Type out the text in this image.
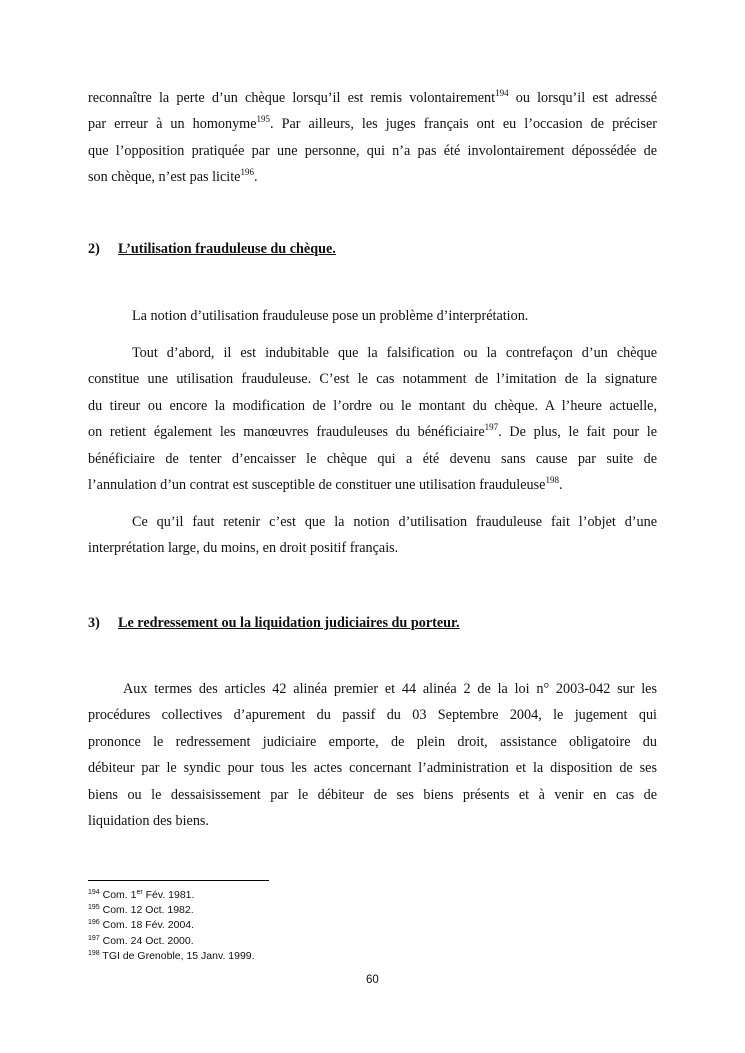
reconnaître la perte d’un chèque lorsqu’il est remis volontairement$^{194}$ ou lorsqu’il est adressé
par erreur à un homonyme$^{195}$. Par ailleurs, les juges français ont eu l’occasion de préciser
que l’opposition pratiquée par une personne, qui n’a pas été involontairement dépossédée de
son chèque, n’est pas licite$^{196}$.
2) L’utilisation frauduleuse du chèque.
La notion d’utilisation frauduleuse pose un problème d’interprétation.
Tout d’abord, il est indubitable que la falsification ou la contrefaçon d’un chèque
constitue une utilisation frauduleuse. C’est le cas notamment de l’imitation de la signature
du tireur ou encore la modification de l’ordre ou le montant du chèque. A l’heure actuelle,
on retient également les manœuvres frauduleuses du bénéficiaire$^{197}$. De plus, le fait pour le
bénéficiaire de tenter d’encaisser le chèque qui a été devenu sans cause par suite de
l’annulation d’un contrat est susceptible de constituer une utilisation frauduleuse$^{198}$.
Ce qu’il faut retenir c’est que la notion d’utilisation frauduleuse fait l’objet d’une
interprétation large, du moins, en droit positif français.
3) Le redressement ou la liquidation judiciaires du porteur.
Aux termes des articles 42 alinéa premier et 44 alinéa 2 de la loi n° 2003-042 sur les
procédures collectives d’apurement du passif du 03 Septembre 2004, le jugement qui
prononce le redressement judiciaire emporte, de plein droit, assistance obligatoire du
débiteur par le syndic pour tous les actes concernant l’administration et la disposition de ses
biens ou le dessaisissement par le débiteur de ses biens présents et à venir en cas de
liquidation des biens.
$^{194}$ Com. 1er Fév. 1981.
$^{195}$ Com. 12 Oct. 1982.
$^{196}$ Com. 18 Fév. 2004.
$^{197}$ Com. 24 Oct. 2000.
$^{198}$ TGI de Grenoble, 15 Janv. 1999.
60
